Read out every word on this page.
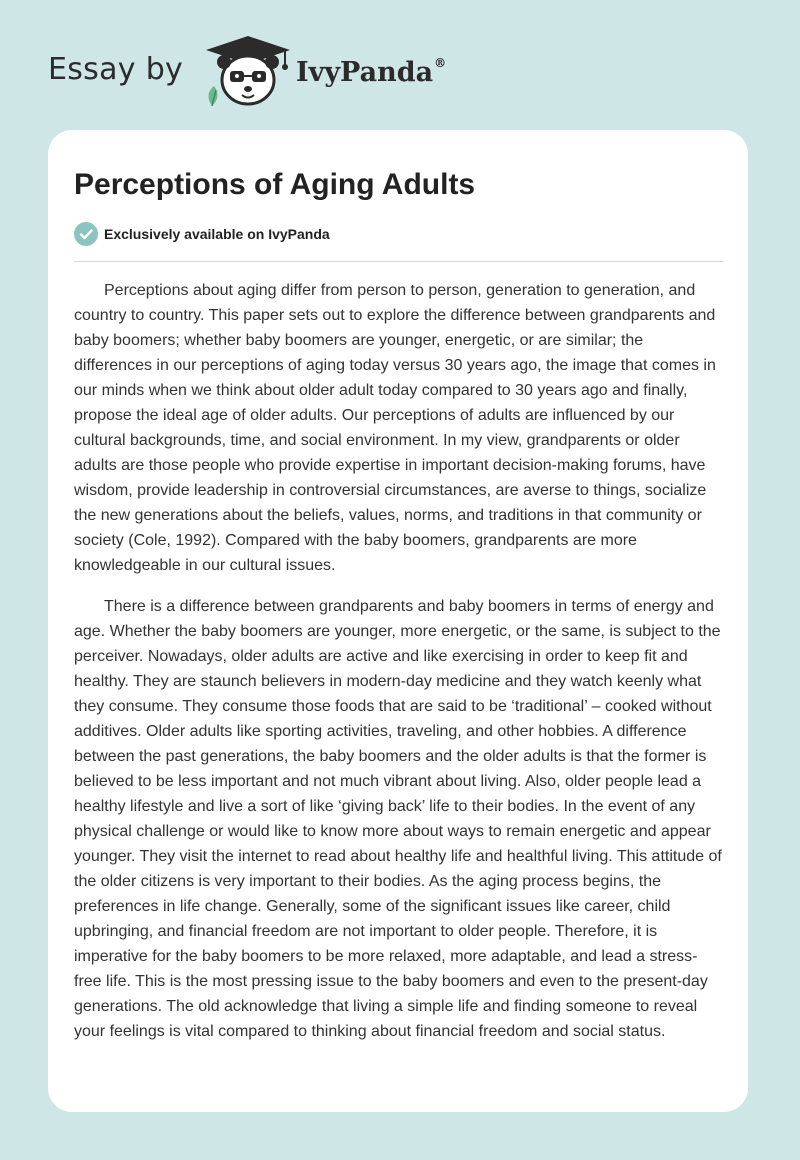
Essay by	IvyPanda®
Perceptions of Aging Adults
Exclusively available on IvyPanda

Perceptions about aging differ from person to person, generation to generation, and country to country. This paper sets out to explore the difference between grandparents and baby boomers; whether baby boomers are younger, energetic, or are similar; the differences in our perceptions of aging today versus 30 years ago, the image that comes in our minds when we think about older adult today compared to 30 years ago and finally, propose the ideal age of older adults. Our perceptions of adults are influenced by our cultural backgrounds, time, and social environment. In my view, grandparents or older adults are those people who provide expertise in important decision-making forums, have wisdom, provide leadership in controversial circumstances, are averse to things, socialize the new generations about the beliefs, values, norms, and traditions in that community or society (Cole, 1992). Compared with the baby boomers, grandparents are more knowledgeable in our cultural issues.

There is a difference between grandparents and baby boomers in terms of energy and age. Whether the baby boomers are younger, more energetic, or the same, is subject to the perceiver. Nowadays, older adults are active and like exercising in order to keep fit and healthy. They are staunch believers in modern-day medicine and they watch keenly what they consume. They consume those foods that are said to be ‘traditional’ – cooked without additives. Older adults like sporting activities, traveling, and other hobbies. A difference between the past generations, the baby boomers and the older adults is that the former is believed to be less important and not much vibrant about living. Also, older people lead a healthy lifestyle and live a sort of like ‘giving back’ life to their bodies. In the event of any physical challenge or would like to know more about ways to remain energetic and appear younger. They visit the internet to read about healthy life and healthful living. This attitude of the older citizens is very important to their bodies. As the aging process begins, the preferences in life change. Generally, some of the significant issues like career, child upbringing, and financial freedom are not important to older people. Therefore, it is imperative for the baby boomers to be more relaxed, more adaptable, and lead a stress-free life. This is the most pressing issue to the baby boomers and even to the present-day generations. The old acknowledge that living a simple life and finding someone to reveal your feelings is vital compared to thinking about financial freedom and social status.
